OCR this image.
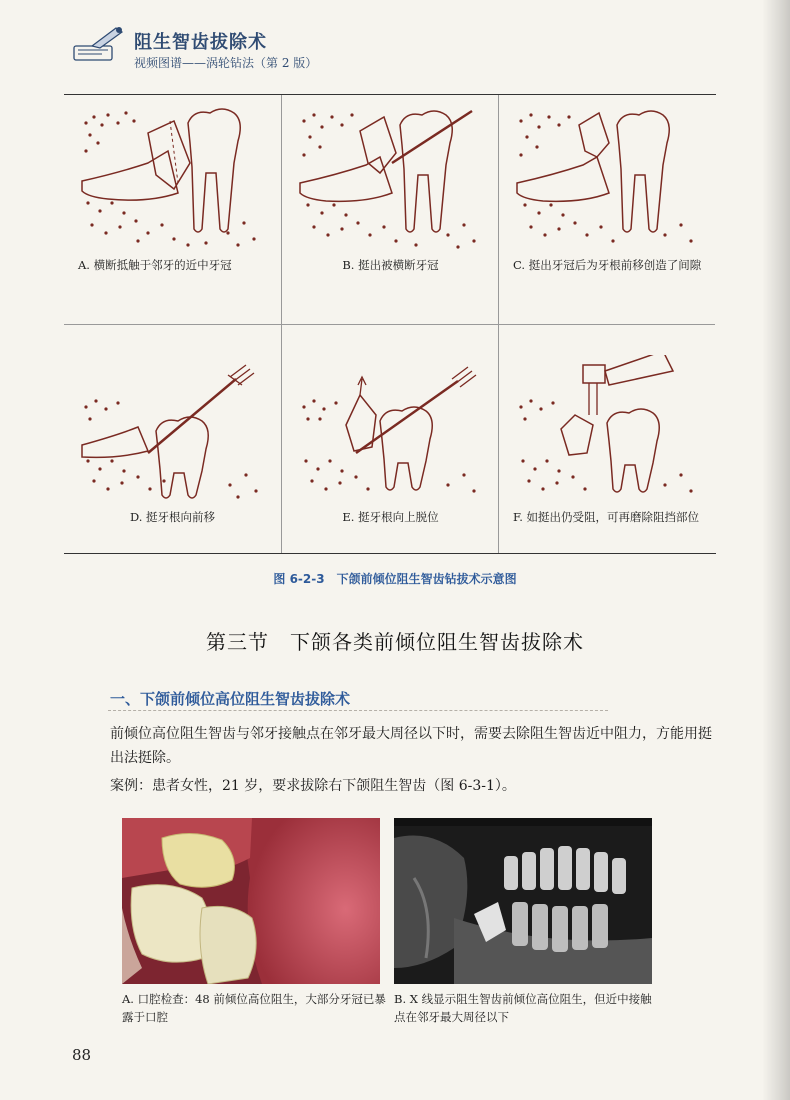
阻生智齿拔除术
视频图谱——涡轮钻法（第 2 版）
A. 横断抵触于邻牙的近中牙冠	B. 挺出被横断牙冠	C. 挺出牙冠后为牙根前移创造了间隙
D. 挺牙根向前移	E. 挺牙根向上脱位	F. 如挺出仍受阻，可再磨除阻挡部位
图 6-2-3　下颌前倾位阻生智齿钻拔术示意图
第三节　下颌各类前倾位阻生智齿拔除术
一、下颌前倾位高位阻生智齿拔除术

前倾位高位阻生智齿与邻牙接触点在邻牙最大周径以下时，需要去除阻生智齿近中阻力，方能用挺出法挺除。

案例：患者女性，21 岁，要求拔除右下颌阻生智齿（图 6-3-1）。

A. 口腔检查：48 前倾位高位阻生，大部分牙冠已暴露于口腔
B. X 线显示阻生智齿前倾位高位阻生，但近中接触点在邻牙最大周径以下
88
